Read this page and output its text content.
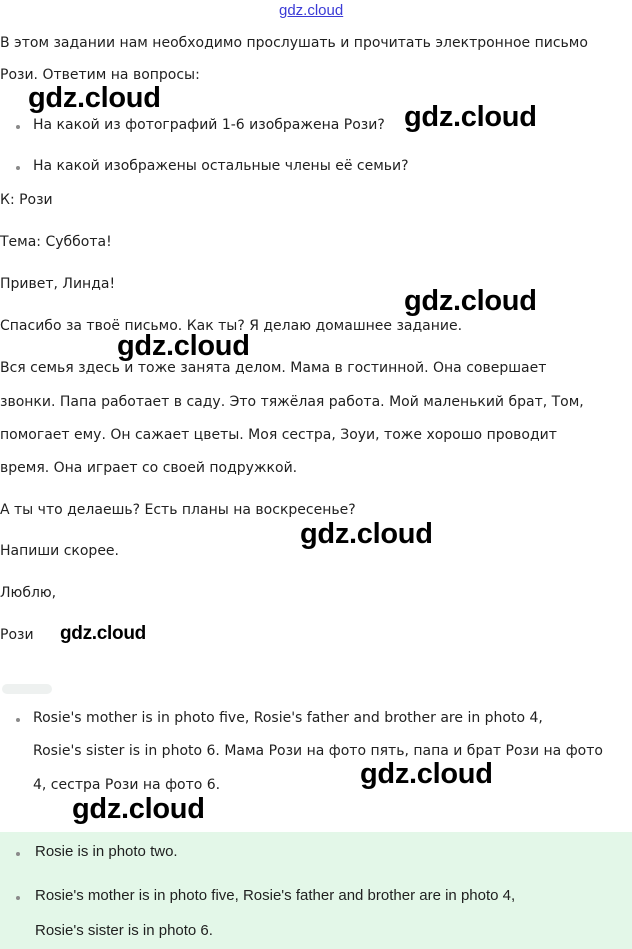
gdz.cloud

В этом задании нам необходимо прослушать и прочитать электронное письмо

Рози. Ответим на вопросы:

На какой из фотографий 1-6 изображена Рози?

На какой изображены остальные члены её семьи?

К: Рози

Тема: Суббота!

Привет, Линда!

Спасибо за твоё письмо. Как ты? Я делаю домашнее задание.

Вся семья здесь и тоже занята делом. Мама в гостинной. Она совершает

звонки. Папа работает в саду. Это тяжёлая работа. Мой маленький брат, Том,

помогает ему. Он сажает цветы. Моя сестра, Зоуи, тоже хорошо проводит

время. Она играет со своей подружкой.

А ты что делаешь? Есть планы на воскресенье?

Напиши скорее.

Люблю,

Рози

Rosie's mother is in photo five, Rosie's father and brother are in photo 4,

Rosie's sister is in photo 6. Мама Рози на фото пять, папа и брат Рози на фото

4, сестра Рози на фото 6.

Rosie is in photo two.

Rosie's mother is in photo five, Rosie's father and brother are in photo 4,

Rosie's sister is in photo 6.

gdz.cloud
gdz.cloud
gdz.cloud
gdz.cloud
gdz.cloud
gdz.cloud
gdz.cloud
gdz.cloud
